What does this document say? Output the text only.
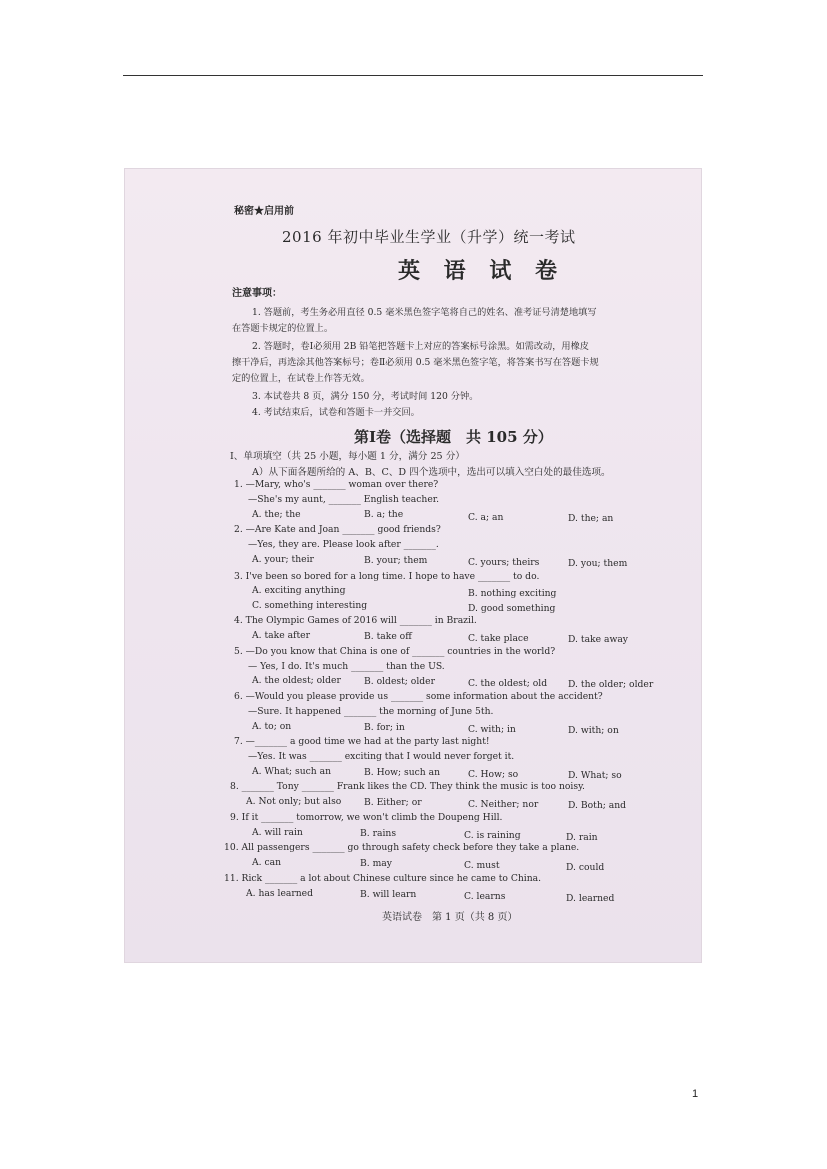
秘密★启用前
2016 年初中毕业生学业（升学）统一考试
英 语 试 卷
注意事项：
1. 答题前，考生务必用直径 0.5 毫米黑色签字笔将自己的姓名、准考证号清楚地填写
在答题卡规定的位置上。
2. 答题时，卷Ⅰ必须用 2B 铅笔把答题卡上对应的答案标号涂黑。如需改动，用橡皮
擦干净后，再选涂其他答案标号；卷Ⅱ必须用 0.5 毫米黑色签字笔，将答案书写在答题卡规
定的位置上，在试卷上作答无效。
3. 本试卷共 8 页，满分 150 分，考试时间 120 分钟。
4. 考试结束后，试卷和答题卡一并交回。
第Ⅰ卷（选择题　共 105 分）
Ⅰ、单项填空（共 25 小题，每小题 1 分，满分 25 分）
A）从下面各题所给的 A、B、C、D 四个选项中，选出可以填入空白处的最佳选项。
1. —Mary, who's _______ woman over there?
—She's my aunt, _______ English teacher.
A. the; the	B. a; the	C. a; an	D. the; an
2. —Are Kate and Joan _______ good friends?
—Yes, they are. Please look after _______.
A. your; their	B. your; them	C. yours; theirs	D. you; them
3. I've been so bored for a long time. I hope to have _______ to do.
A. exciting anything	B. nothing exciting
C. something interesting	D. good something
4. The Olympic Games of 2016 will _______ in Brazil.
A. take after	B. take off	C. take place	D. take away
5. —Do you know that China is one of _______ countries in the world?
— Yes, I do. It's much _______ than the US.
A. the oldest; older	B. oldest; older	C. the oldest; old D. the older; older
6. —Would you please provide us _______ some information about the accident?
—Sure. It happened _______ the morning of June 5th.
A. to; on	B. for; in	C. with; in	D. with; on
7. —_______ a good time we had at the party last night!
—Yes. It was _______ exciting that I would never forget it.
A. What; such an	B. How; such an	C. How; so	D. What; so
8. _______ Tony _______ Frank likes the CD. They think the music is too noisy.
A. Not only; but also B. Either; or	C. Neither; nor	D. Both; and
9. If it _______ tomorrow, we won't climb the Doupeng Hill.
A. will rain	B. rains	C. is raining	D. rain
10. All passengers _______ go through safety check before they take a plane.
A. can	B. may	C. must	D. could
11. Rick _______ a lot about Chinese culture since he came to China.
A. has learned	B. will learn	C. learns	D. learned
英语试卷　第 1 页（共 8 页）
1
